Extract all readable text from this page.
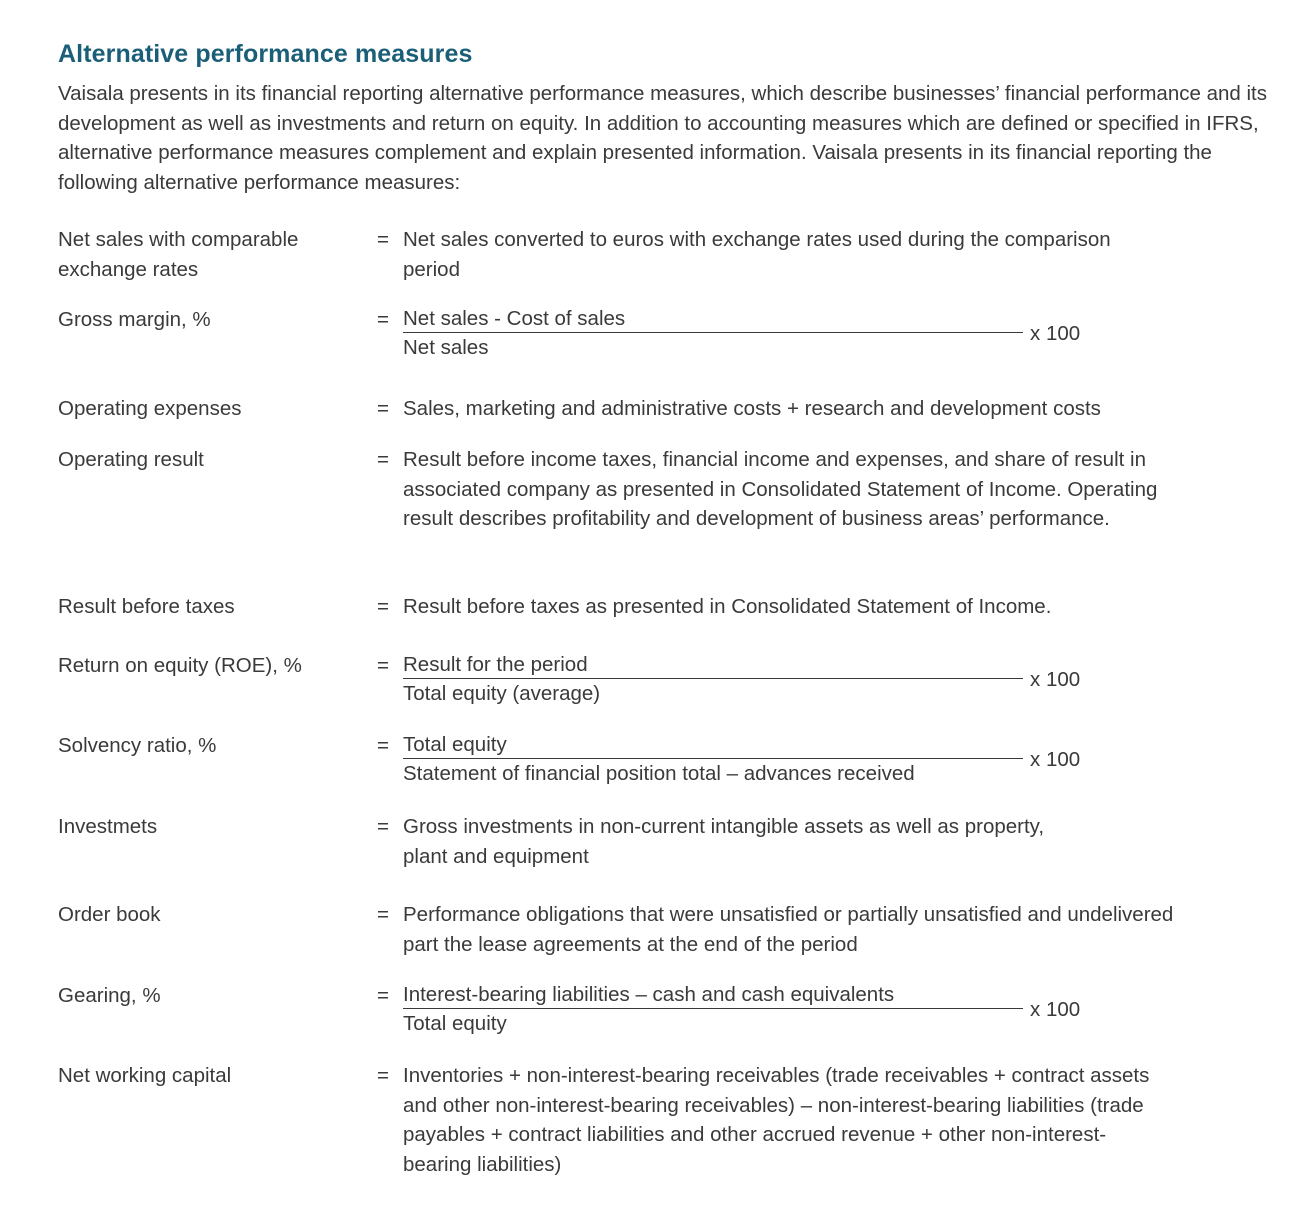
Alternative performance measures

Vaisala presents in its financial reporting alternative performance measures, which describe businesses’ financial performance and its development as well as investments and return on equity. In addition to accounting measures which are defined or specified in IFRS, alternative performance measures complement and explain presented information. Vaisala presents in its financial reporting the following alternative performance measures:

Net sales with comparable exchange rates
= Net sales converted to euros with exchange rates used during the comparison period
Gross margin, %	= Net sales - Cost of sales
Net sales
x 100
Operating expenses	= Sales, marketing and administrative costs + research and development costs
Operating result	= Result before income taxes, financial income and expenses, and share of result in associated company as presented in Consolidated Statement of Income. Operating result describes profitability and development of business areas’ performance.
Result before taxes	= Result before taxes as presented in Consolidated Statement of Income.
Return on equity (ROE), %	= Result for the period
Total equity (average)
x 100
Solvency ratio, %	= Total equity
Statement of financial position total – advances received
x 100
Investmets	= Gross investments in non-current intangible assets as well as property, plant and equipment
Order book	= Performance obligations that were unsatisfied or partially unsatisfied and undelivered part the lease agreements at the end of the period
Gearing, %	= Interest-bearing liabilities – cash and cash equivalents
Total equity
x 100
Net working capital	= Inventories + non-interest-bearing receivables (trade receivables + contract assets and other non-interest-bearing receivables) – non-interest-bearing liabilities (trade payables + contract liabilities and other accrued revenue + other non-interest-bearing liabilities)
